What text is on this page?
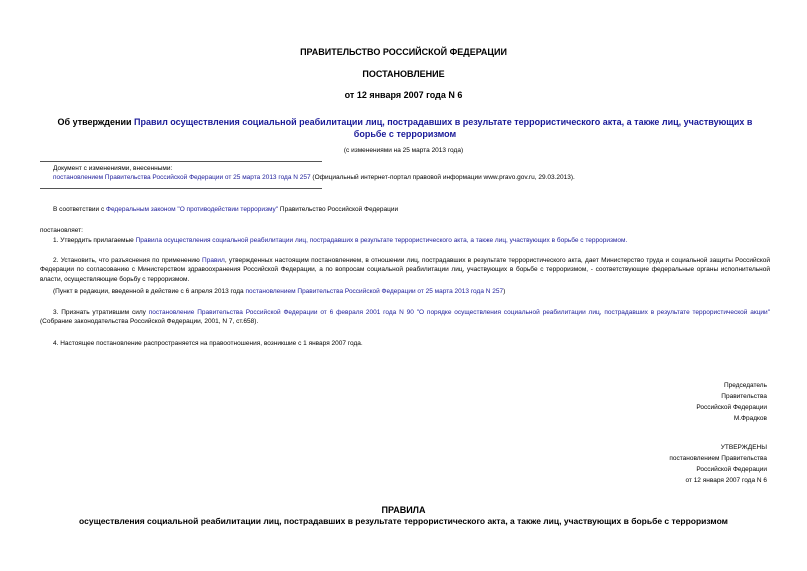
ПРАВИТЕЛЬСТВО РОССИЙСКОЙ ФЕДЕРАЦИИ
ПОСТАНОВЛЕНИЕ
от 12 января 2007 года N 6
Об утверждении Правил осуществления социальной реабилитации лиц, пострадавших в результате террористического акта, а также лиц, участвующих в борьбе с терроризмом
(с изменениями на 25 марта 2013 года)
Документ с изменениями, внесенными:
постановлением Правительства Российской Федерации от 25 марта 2013 года N 257 (Официальный интернет-портал правовой информации www.pravo.gov.ru, 29.03.2013).
В соответствии с Федеральным законом "О противодействии терроризму" Правительство Российской Федерации
постановляет:
1. Утвердить прилагаемые Правила осуществления социальной реабилитации лиц, пострадавших в результате террористического акта, а также лиц, участвующих в борьбе с терроризмом.
2. Установить, что разъяснения по применению Правил, утвержденных настоящим постановлением, в отношении лиц, пострадавших в результате террористического акта, дает Министерство труда и социальной защиты Российской Федерации по согласованию с Министерством здравоохранения Российской Федерации, а по вопросам социальной реабилитации лиц, участвующих в борьбе с терроризмом, - соответствующие федеральные органы исполнительной власти, осуществляющие борьбу с терроризмом.
(Пункт в редакции, введенной в действие с 6 апреля 2013 года постановлением Правительства Российской Федерации от 25 марта 2013 года N 257)
3. Признать утратившим силу постановление Правительства Российской Федерации от 6 февраля 2001 года N 90 "О порядке осуществления социальной реабилитации лиц, пострадавших в результате террористической акции" (Собрание законодательства Российской Федерации, 2001, N 7, ст.658).
4. Настоящее постановление распространяется на правоотношения, возникшие с 1 января 2007 года.
Председатель
Правительства
Российской Федерации
М.Фрадков
УТВЕРЖДЕНЫ
постановлением Правительства
Российской Федерации
от 12 января 2007 года N 6
ПРАВИЛА
осуществления социальной реабилитации лиц, пострадавших в результате террористического акта, а также лиц, участвующих в борьбе с терроризмом
